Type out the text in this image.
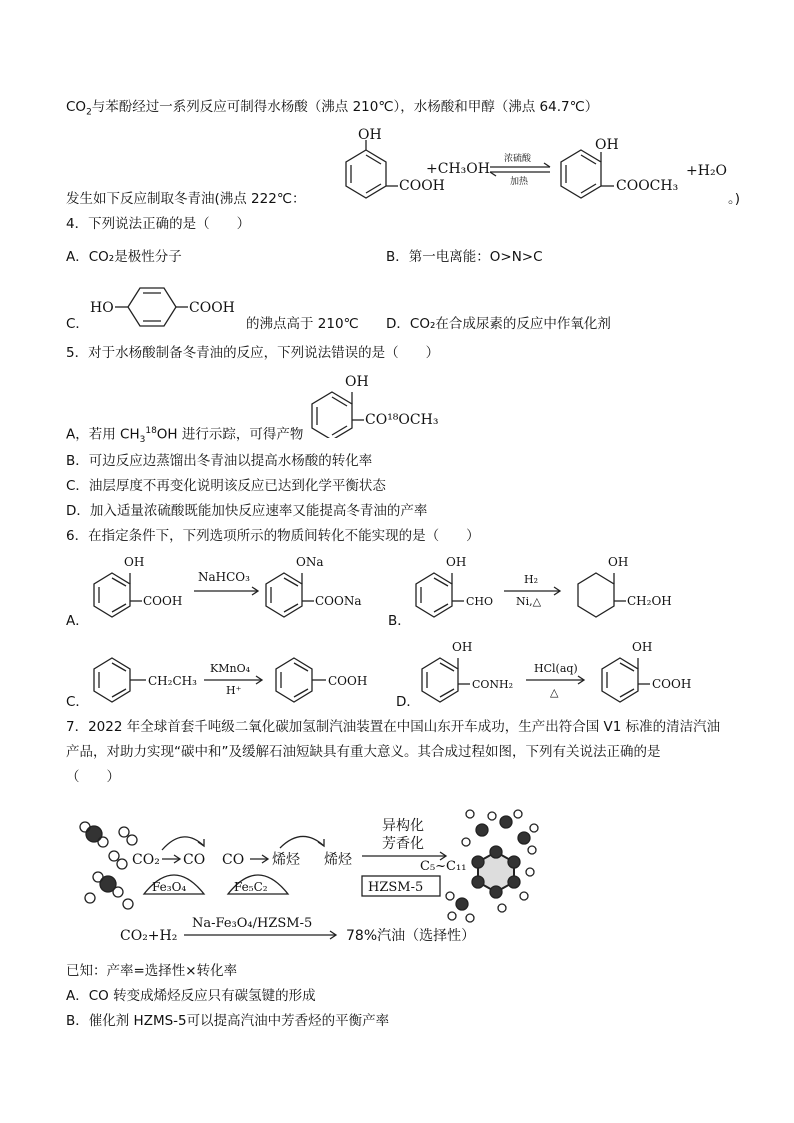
$CO_2$与苯酚经过一系列反应可制得水杨酸（沸点 210℃），水杨酸和甲醇（沸点 64.7℃）
OH
COOH
+CH₃OH
浓硫酸
加热
OH
COOCH₃
+H₂O
发生如下反应制取冬青油(沸点 222℃：	。)
4．下列说法正确的是（　　）
A．CO₂是极性分子	B．第一电离能：O>N>C
C．
HO	COOH
的沸点高于 210℃ D．CO₂在合成尿素的反应中作氧化剂
5．对于水杨酸制备冬青油的反应，下列说法错误的是（　　）
A，若用 $CH_3^{18}OH$ 进行示踪，可得产物
OH
CO¹⁸OCH₃
B．可边反应边蒸馏出冬青油以提高水杨酸的转化率
C．油层厚度不再变化说明该反应已达到化学平衡状态
D．加入适量浓硫酸既能加快反应速率又能提高冬青油的产率
6．在指定条件下，下列选项所示的物质间转化不能实现的是（　　）
A．
OH
COOH
NaHCO₃
ONa
COONa
B．
OH
CHO
H₂
Ni,△
OH
CH₂OH
C．
CH₂CH₃
KMnO₄
H⁺
COOH
D．
OH
CONH₂
HCl(aq)
△
OH
COOH
7．2022 年全球首套千吨级二氧化碳加氢制汽油装置在中国山东开车成功，生产出符合国 V1 标准的清洁汽油
产品，对助力实现“碳中和”及缓解石油短缺具有重大意义。其合成过程如图，下列有关说法正确的是
（　　）
CO₂ CO CO 烯烃 烯烃
异构化
芳香化
C₅~C₁₁
Fe₃O₄	Fe₅C₂	HZSM-5
CO₂+H₂
Na-Fe₃O₄/HZSM-5
78%汽油（选择性）
已知：产率=选择性×转化率
A．CO 转变成烯烃反应只有碳氢键的形成
B．催化剂 HZMS-5可以提高汽油中芳香烃的平衡产率
